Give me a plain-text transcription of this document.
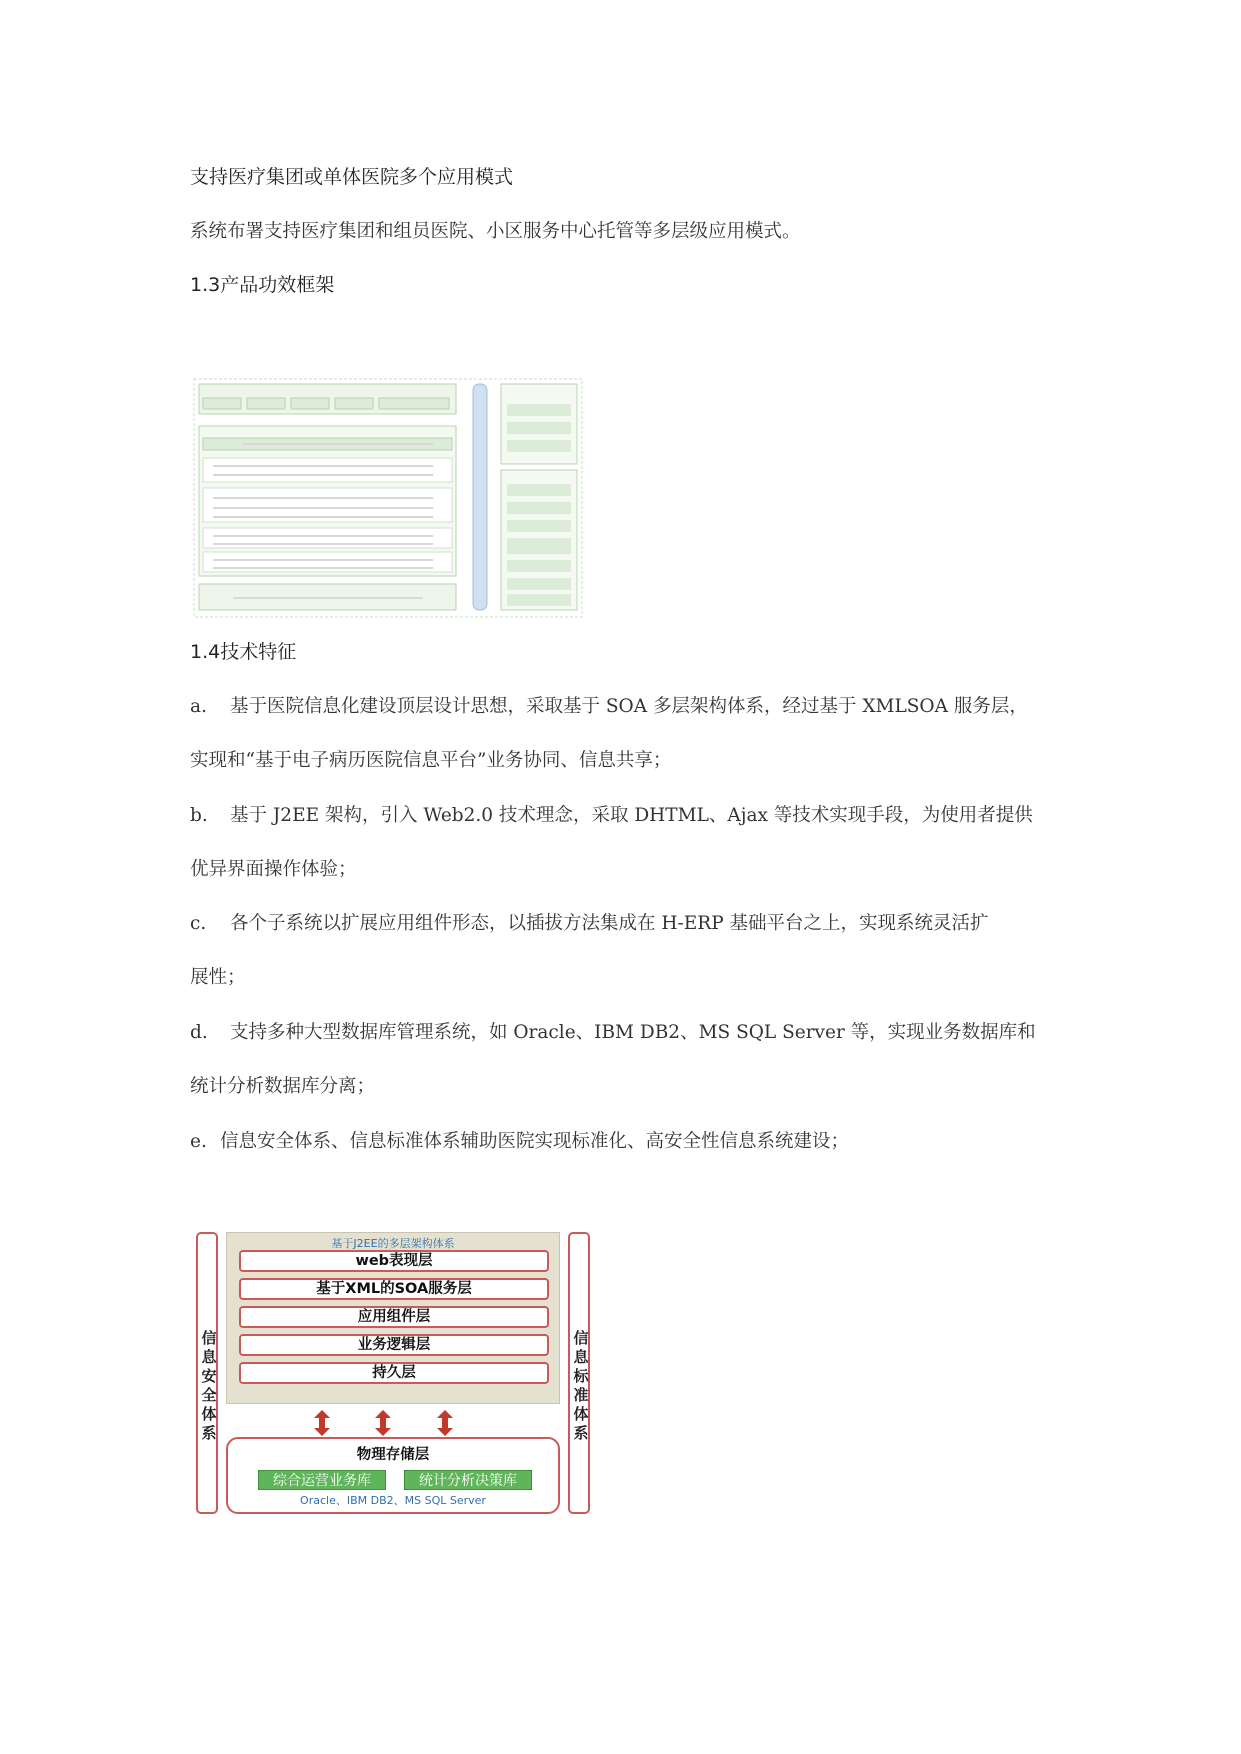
支持医疗集团或单体医院多个应用模式
系统布署支持医疗集团和组员医院、小区服务中心托管等多层级应用模式。
1.3产品功效框架
1.4技术特征
a. 基于医院信息化建设顶层设计思想，采取基于 SOA 多层架构体系，经过基于 XMLSOA 服务层，
实现和“基于电子病历医院信息平台”业务协同、信息共享；
b. 基于 J2EE 架构，引入 Web2.0 技术理念，采取 DHTML、Ajax 等技术实现手段，为使用者提供
优异界面操作体验；
c. 各个子系统以扩展应用组件形态，以插拔方法集成在 H-ERP 基础平台之上，实现系统灵活扩
展性；
d. 支持多种大型数据库管理系统，如 Oracle、IBM DB2、MS SQL Server 等，实现业务数据库和
统计分析数据库分离；
e. 信息安全体系、信息标准体系辅助医院实现标准化、高安全性信息系统建设；
信
息
安
全
体
系
基于J2EE的多层架构体系
web表现层
基于XML的SOA服务层
应用组件层
业务逻辑层
持久层
物理存储层
综合运营业务库	统计分析决策库
Oracle、IBM DB2、MS SQL Server
信
息
标
准
体
系
